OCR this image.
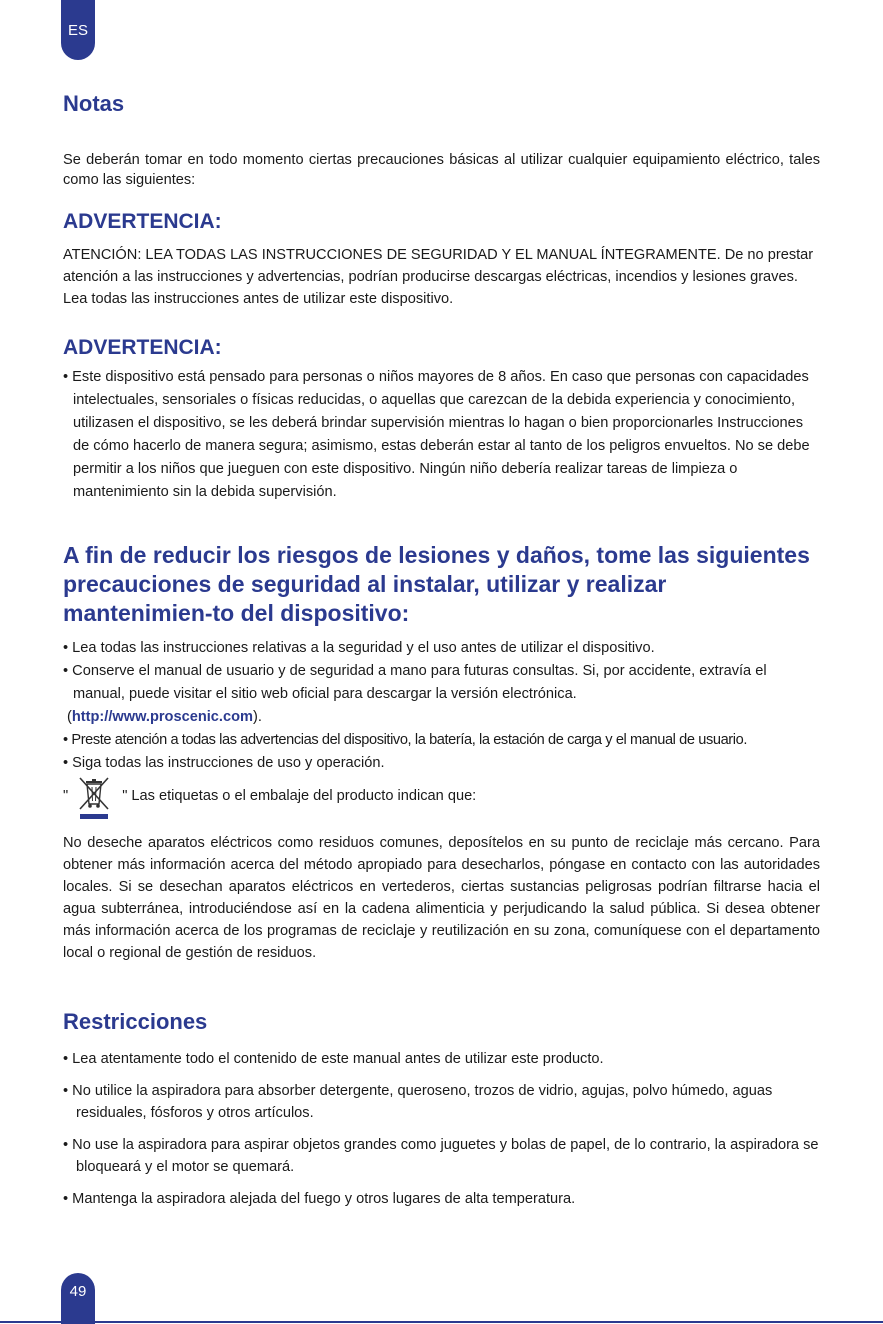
ES
Notas

Se deberán tomar en todo momento ciertas precauciones básicas al utilizar cualquier equipamiento eléctrico, tales como las siguientes:

ADVERTENCIA:

ATENCIÓN: LEA TODAS LAS INSTRUCCIONES DE SEGURIDAD Y EL MANUAL ÍNTEGRAMENTE. De no prestar atención a las instrucciones y advertencias, podrían producirse descargas eléctricas, incendios y lesiones graves. Lea todas las instrucciones antes de utilizar este dispositivo.

ADVERTENCIA:
• Este dispositivo está pensado para personas o niños mayores de 8 años. En caso que personas con capacidades intelectuales, sensoriales o físicas reducidas, o aquellas que carezcan de la debida experiencia y conocimiento, utilizasen el dispositivo, se les deberá brindar supervisión mientras lo hagan o bien proporcionarles Instrucciones de cómo hacerlo de manera segura; asimismo, estas deberán estar al tanto de los peligros envueltos. No se debe permitir a los niños que jueguen con este dispositivo. Ningún niño debería realizar tareas de limpieza o mantenimiento sin la debida supervisión.
A fin de reducir los riesgos de lesiones y daños, tome las siguientes precauciones de seguridad al instalar, utilizar y realizar mantenimien-to del dispositivo:
• Lea todas las instrucciones relativas a la seguridad y el uso antes de utilizar el dispositivo.
• Conserve el manual de usuario y de seguridad a mano para futuras consultas. Si, por accidente, extravía el manual, puede visitar el sitio web oficial para descargar la versión electrónica.
(http://www.proscenic.com).
• Preste atención a todas las advertencias del dispositivo, la batería, la estación de carga y el manual de usuario.
• Siga todas las instrucciones de uso y operación.
"	" Las etiquetas o el embalaje del producto indican que:

No deseche aparatos eléctricos como residuos comunes, deposítelos en su punto de reciclaje más cercano. Para obtener más información acerca del método apropiado para desecharlos, póngase en contacto con las autoridades locales. Si se desechan aparatos eléctricos en vertederos, ciertas sustancias peligrosas podrían filtrarse hacia el agua subterránea, introduciéndose así en la cadena alimenticia y perjudicando la salud pública. Si desea obtener más información acerca de los programas de reciclaje y reutilización en su zona, comuníquese con el departamento local o regional de gestión de residuos.

Restricciones
• Lea atentamente todo el contenido de este manual antes de utilizar este producto.
• No utilice la aspiradora para absorber detergente, queroseno, trozos de vidrio, agujas, polvo húmedo, aguas residuales, fósforos y otros artículos.
• No use la aspiradora para aspirar objetos grandes como juguetes y bolas de papel, de lo contrario, la aspiradora se bloqueará y el motor se quemará.
• Mantenga la aspiradora alejada del fuego y otros lugares de alta temperatura.
49
